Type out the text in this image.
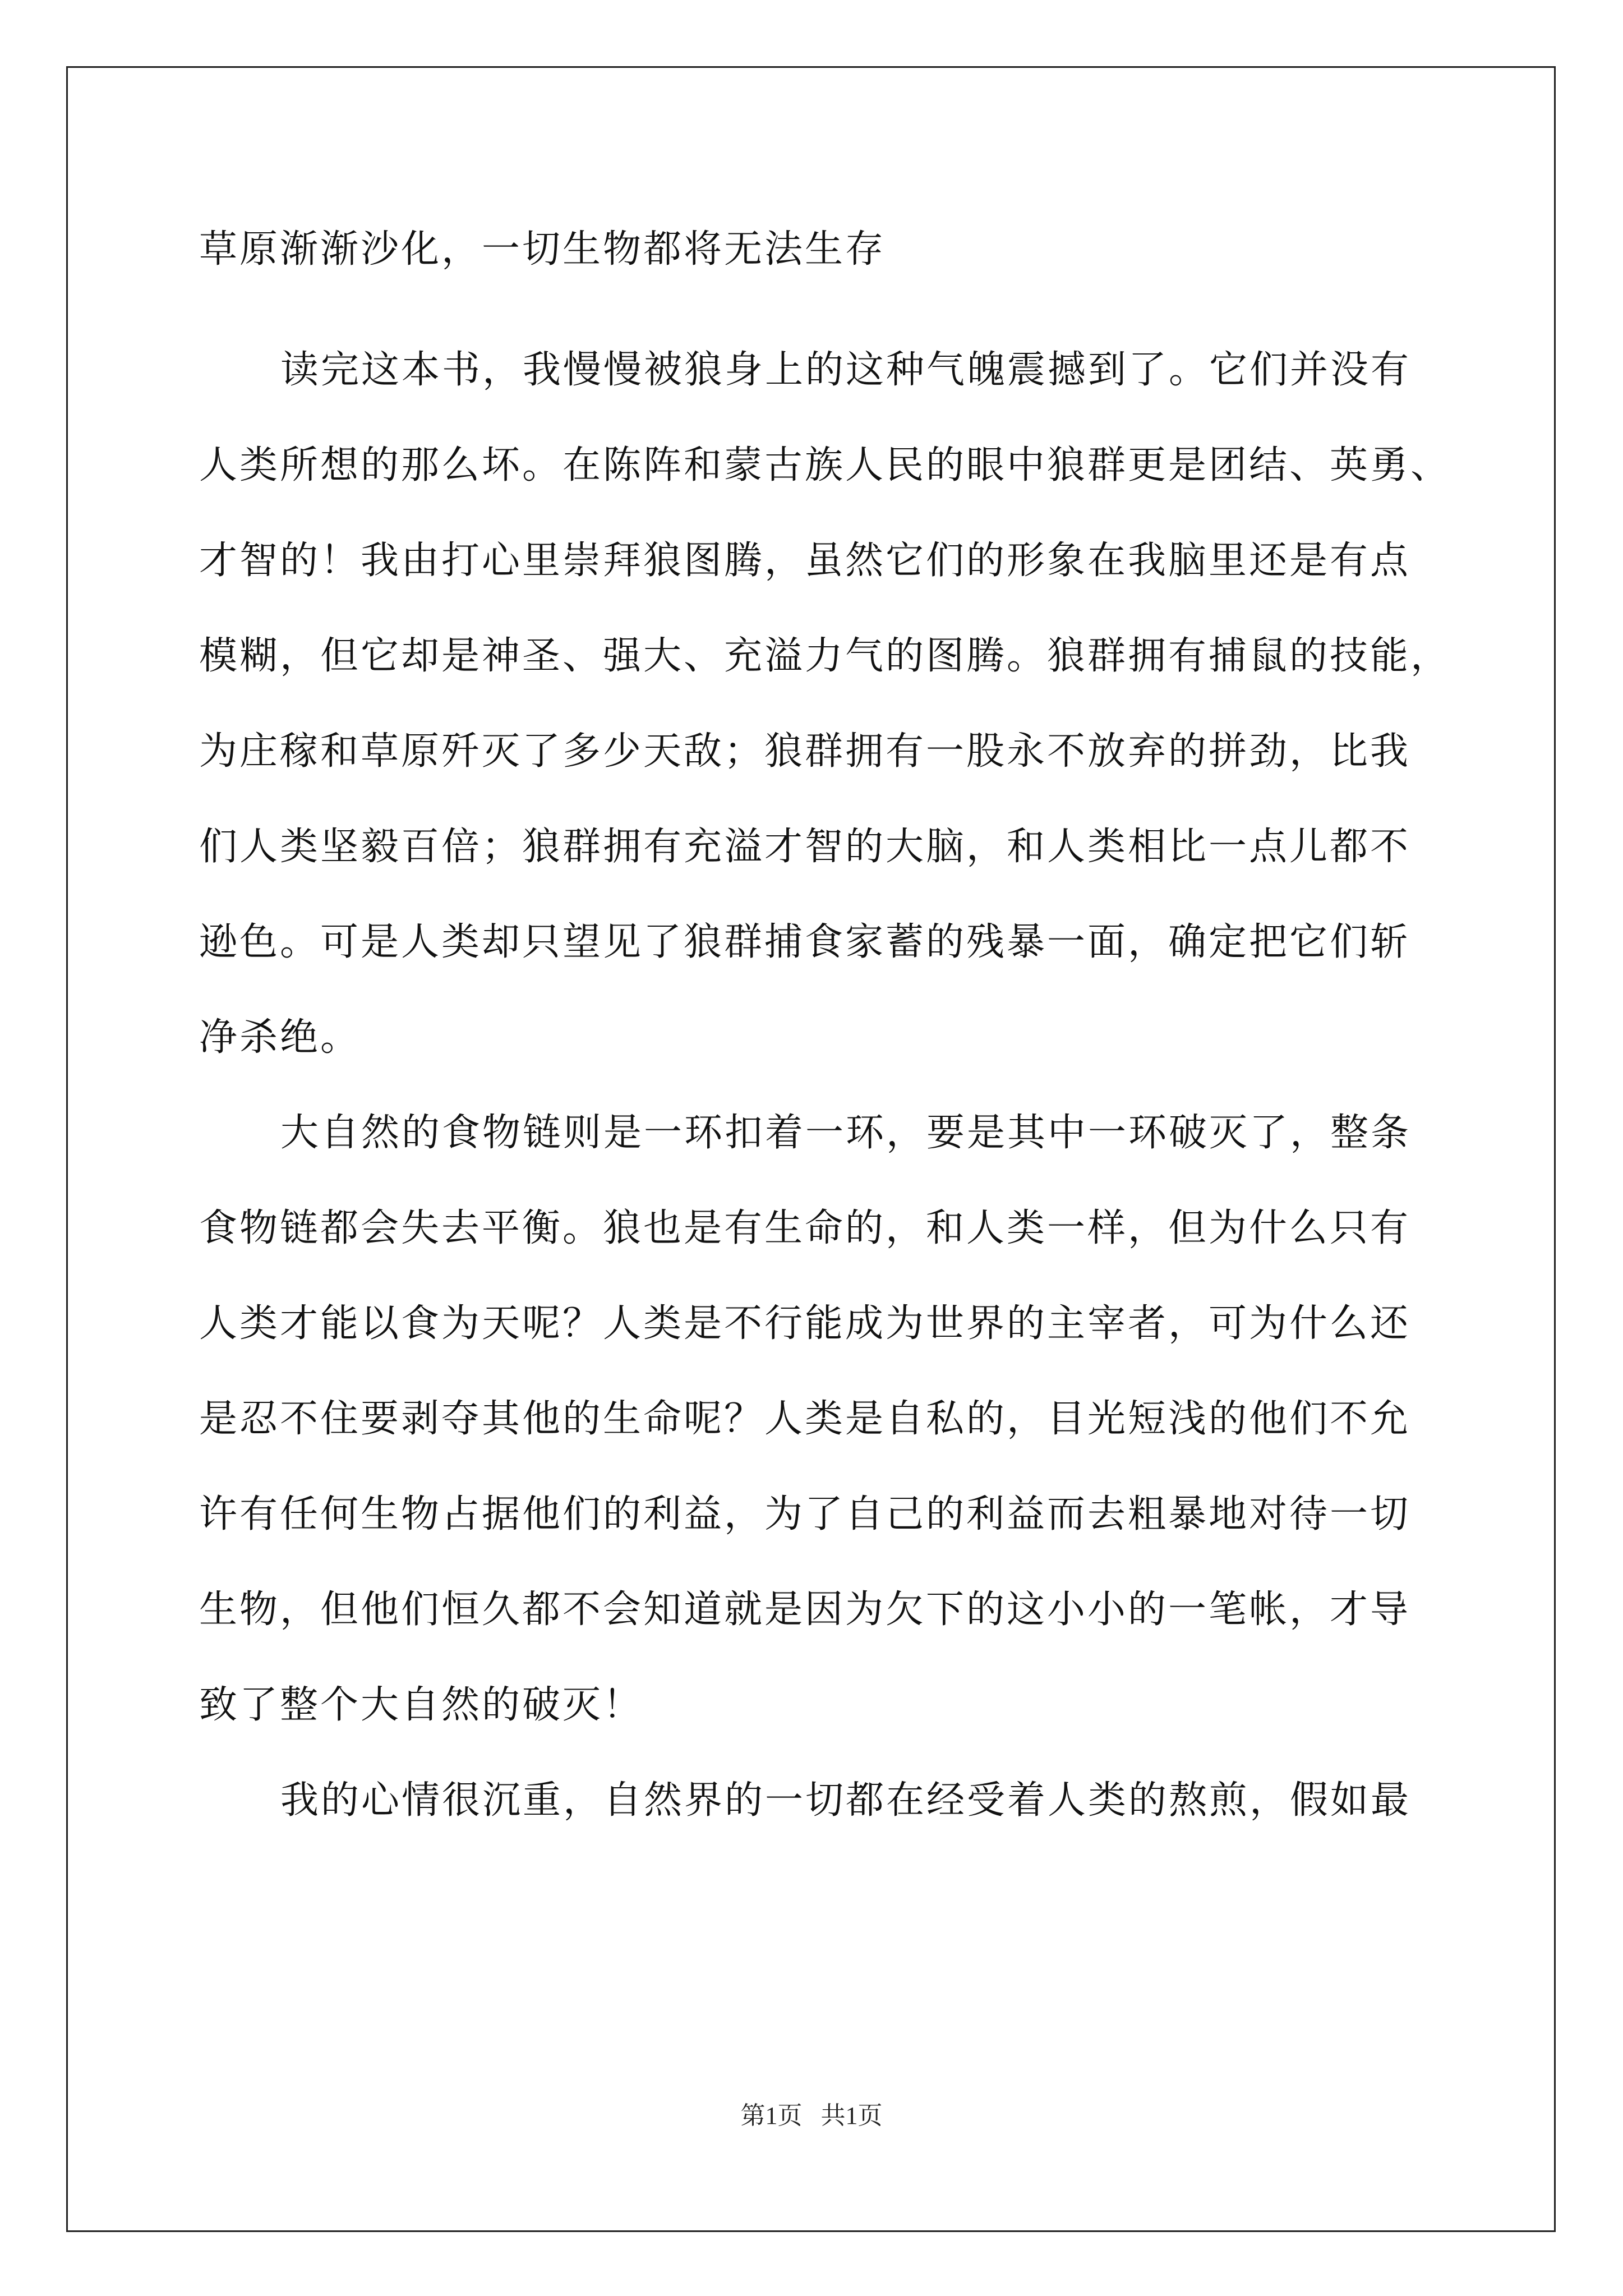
草原渐渐沙化，一切生物都将无法生存
读完这本书，我慢慢被狼身上的这种气魄震撼到了。它们并没有
人类所想的那么坏。在陈阵和蒙古族人民的眼中狼群更是团结、英勇、
才智的！我由打心里崇拜狼图腾，虽然它们的形象在我脑里还是有点
模糊，但它却是神圣、强大、充溢力气的图腾。狼群拥有捕鼠的技能，
为庄稼和草原歼灭了多少天敌；狼群拥有一股永不放弃的拼劲，比我
们人类坚毅百倍；狼群拥有充溢才智的大脑，和人类相比一点儿都不
逊色。可是人类却只望见了狼群捕食家蓄的残暴一面，确定把它们斩
净杀绝。
大自然的食物链则是一环扣着一环，要是其中一环破灭了，整条
食物链都会失去平衡。狼也是有生命的，和人类一样，但为什么只有
人类才能以食为天呢？人类是不行能成为世界的主宰者，可为什么还
是忍不住要剥夺其他的生命呢？人类是自私的，目光短浅的他们不允
许有任何生物占据他们的利益，为了自己的利益而去粗暴地对待一切
生物，但他们恒久都不会知道就是因为欠下的这小小的一笔帐，才导
致了整个大自然的破灭！
我的心情很沉重，自然界的一切都在经受着人类的熬煎，假如最
第1页   共1页
